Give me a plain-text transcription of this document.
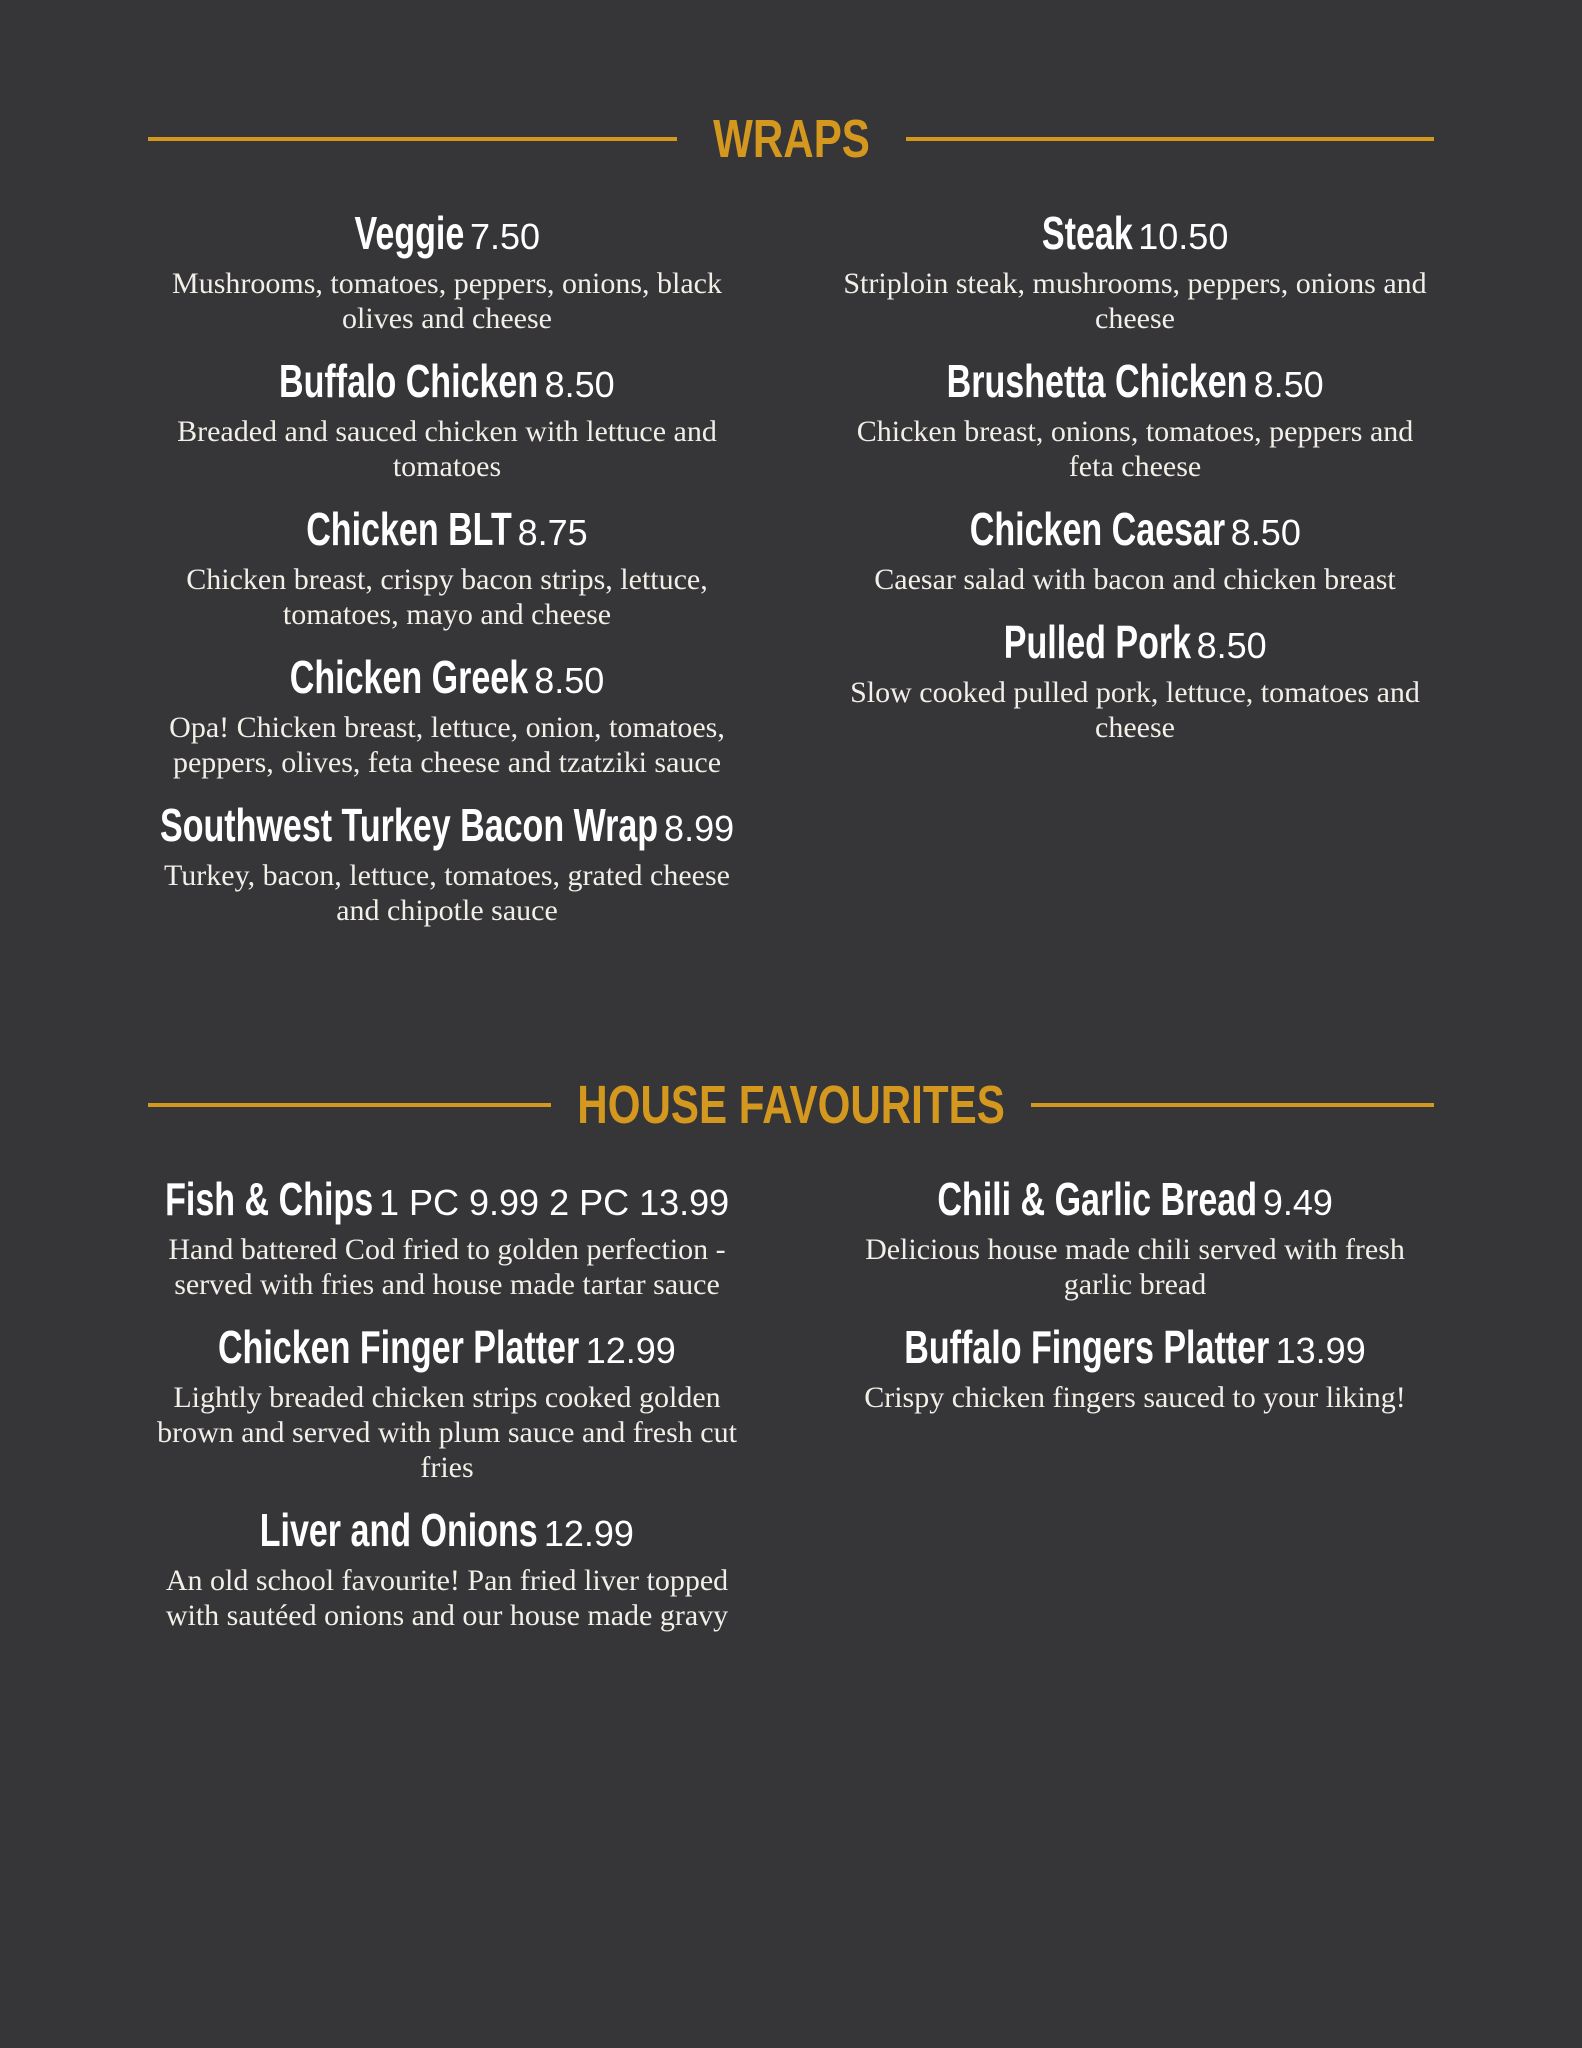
WRAPS
Veggie 7.50
Mushrooms, tomatoes, peppers, onions, black olives and cheese
Buffalo Chicken 8.50
Breaded and sauced chicken with lettuce and tomatoes
Chicken BLT 8.75
Chicken breast, crispy bacon strips, lettuce, tomatoes, mayo and cheese
Chicken Greek 8.50
Opa! Chicken breast, lettuce, onion, tomatoes, peppers, olives, feta cheese and tzatziki sauce
Southwest Turkey Bacon Wrap 8.99
Turkey, bacon, lettuce, tomatoes, grated cheese and chipotle sauce
Steak 10.50
Striploin steak, mushrooms, peppers, onions and cheese
Brushetta Chicken 8.50
Chicken breast, onions, tomatoes, peppers and feta cheese
Chicken Caesar 8.50
Caesar salad with bacon and chicken breast
Pulled Pork 8.50
Slow cooked pulled pork, lettuce, tomatoes and cheese
HOUSE FAVOURITES
Fish & Chips 1 PC 9.99 2 PC 13.99
Hand battered Cod fried to golden perfection - served with fries and house made tartar sauce
Chicken Finger Platter 12.99
Lightly breaded chicken strips cooked golden brown and served with plum sauce and fresh cut fries
Liver and Onions 12.99
An old school favourite! Pan fried liver topped with sautéed onions and our house made gravy
Chili & Garlic Bread 9.49
Delicious house made chili served with fresh garlic bread
Buffalo Fingers Platter 13.99
Crispy chicken fingers sauced to your liking!
